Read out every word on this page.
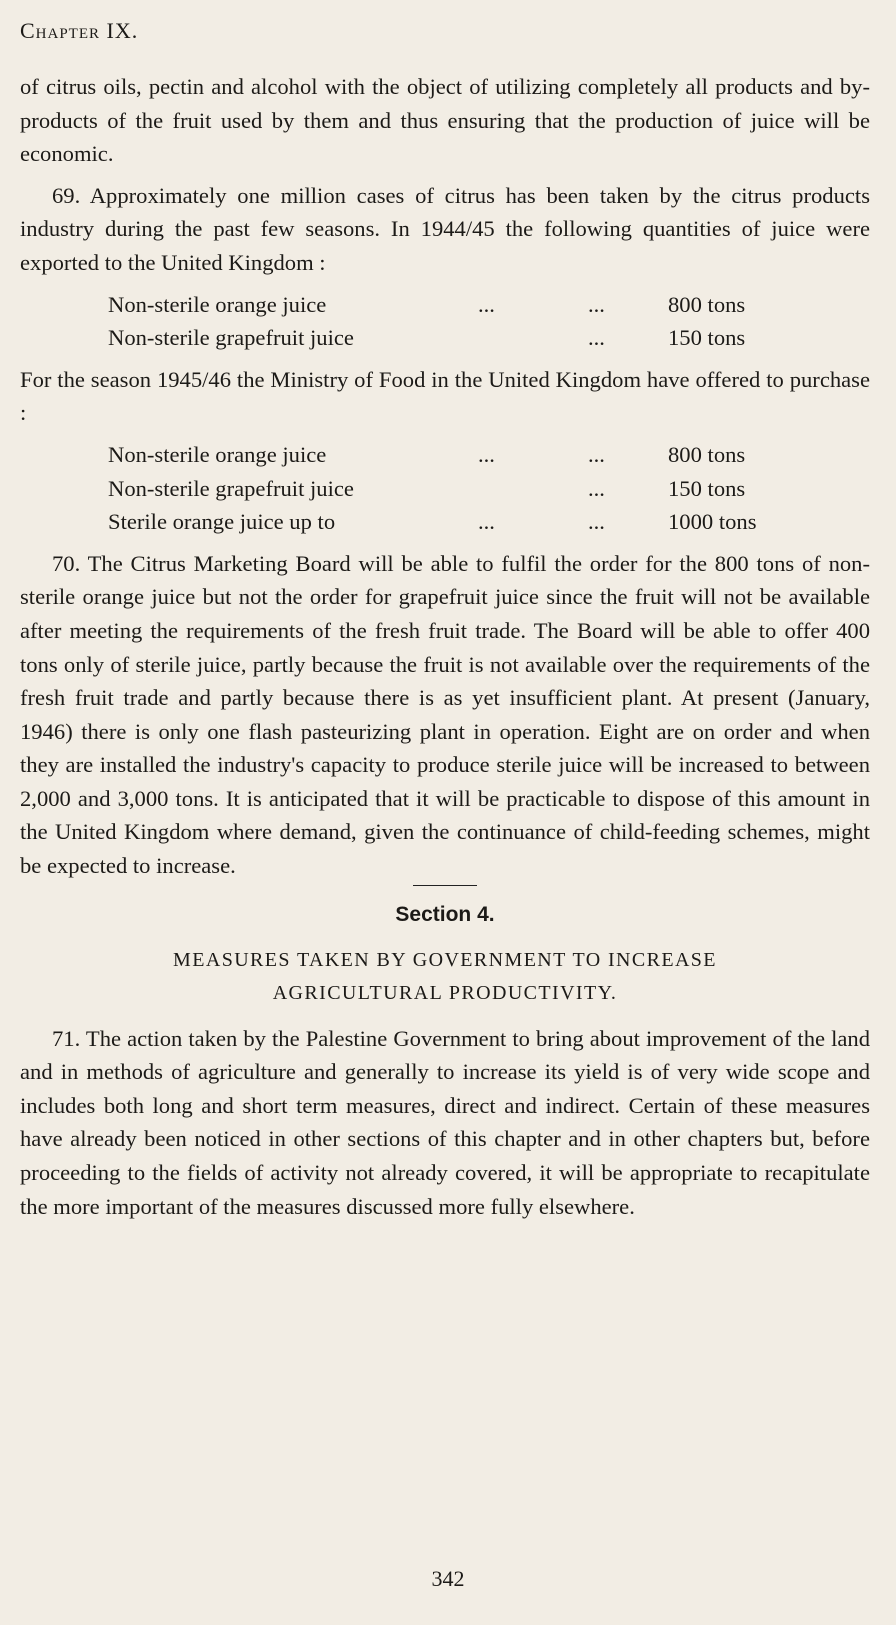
Chapter IX.

of citrus oils, pectin and alcohol with the object of utilizing completely all products and by-products of the fruit used by them and thus ensuring that the production of juice will be economic.

69. Approximately one million cases of citrus has been taken by the citrus products industry during the past few seasons. In 1944/45 the following quantities of juice were exported to the United Kingdom :

Non-sterile orange juice	...	...	800 tons
Non-sterile grapefruit juice	...	150 tons

For the season 1945/46 the Ministry of Food in the United Kingdom have offered to purchase :

Non-sterile orange juice	...	...	800 tons
Non-sterile grapefruit juice	...	150 tons
Sterile orange juice up to	...	...	1000 tons

70. The Citrus Marketing Board will be able to fulfil the order for the 800 tons of non-sterile orange juice but not the order for grapefruit juice since the fruit will not be available after meeting the requirements of the fresh fruit trade. The Board will be able to offer 400 tons only of sterile juice, partly because the fruit is not available over the requirements of the fresh fruit trade and partly because there is as yet insufficient plant. At present (January, 1946) there is only one flash pasteurizing plant in operation. Eight are on order and when they are installed the industry's capacity to produce sterile juice will be increased to between 2,000 and 3,000 tons. It is anticipated that it will be practicable to dispose of this amount in the United Kingdom where demand, given the continuance of child-feeding schemes, might be expected to increase.

Section 4.
MEASURES TAKEN BY GOVERNMENT TO INCREASE
AGRICULTURAL PRODUCTIVITY.

71. The action taken by the Palestine Government to bring about improvement of the land and in methods of agriculture and generally to increase its yield is of very wide scope and includes both long and short term measures, direct and indirect. Certain of these measures have already been noticed in other sections of this chapter and in other chapters but, before proceeding to the fields of activity not already covered, it will be appropriate to recapitulate the more important of the measures discussed more fully elsewhere.

342
